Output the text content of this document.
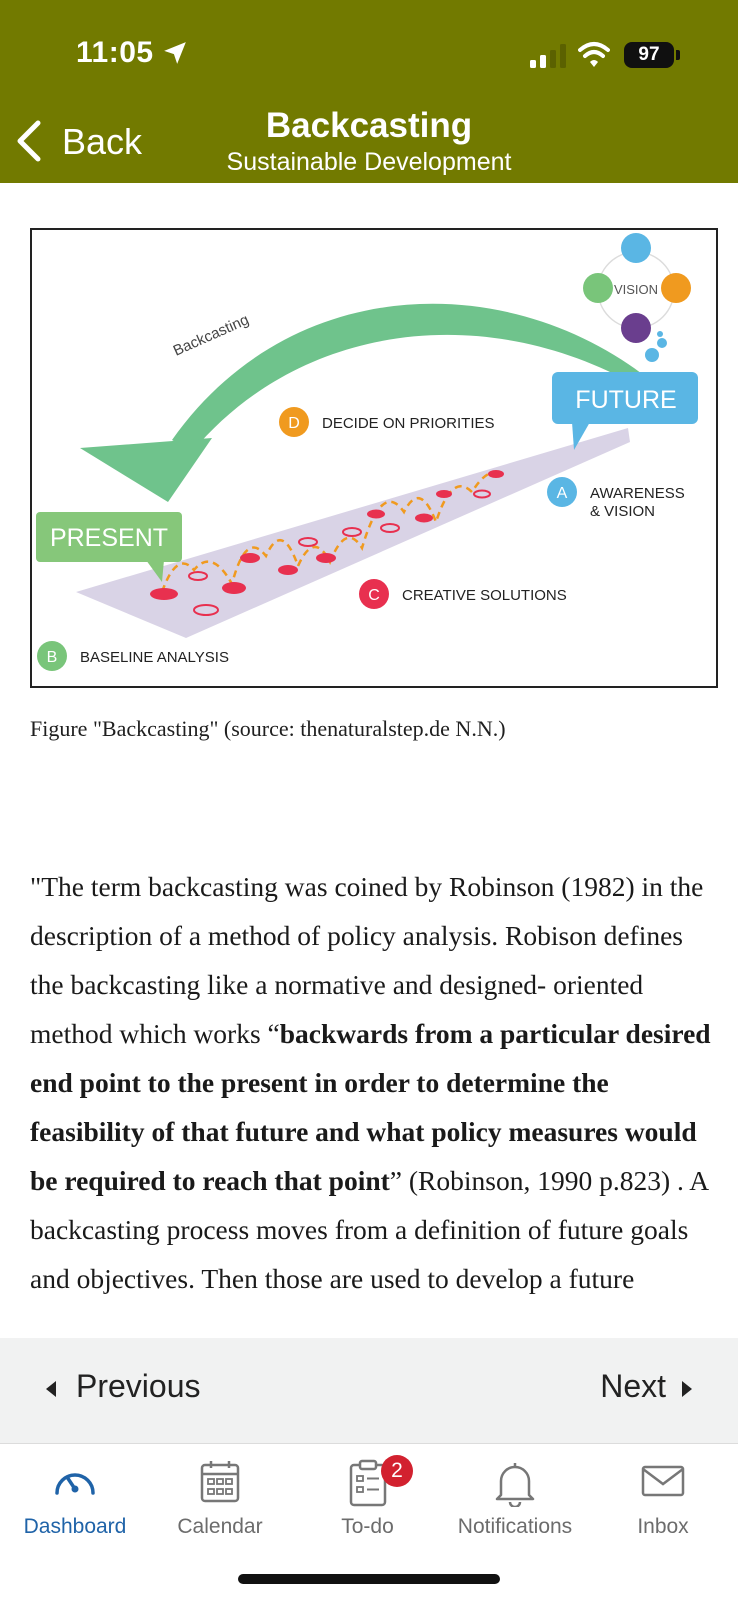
11:05	97
Back	Backcasting
Sustainable Development
Backcasting
PRESENT
FUTURE
VISION
A AWARENESS
& VISION
B BASELINE ANALYSIS
C CREATIVE SOLUTIONS
D DECIDE ON PRIORITIES
Figure "Backcasting" (source: thenaturalstep.de N.N.)
"The term backcasting was coined by Robinson (1982) in the description of a method of policy analysis. Robison defines the backcasting like a normative and designed- oriented method which works “backwards from a particular desired end point to the present in order to determine the feasibility of that future and what policy measures would be required to reach that point” (Robinson, 1990 p.823) . A backcasting process moves from a definition of future goals and objectives. Then those are used to develop a future
Previous	Next
Dashboard	Calendar
2
To-do	Notifications	Inbox
